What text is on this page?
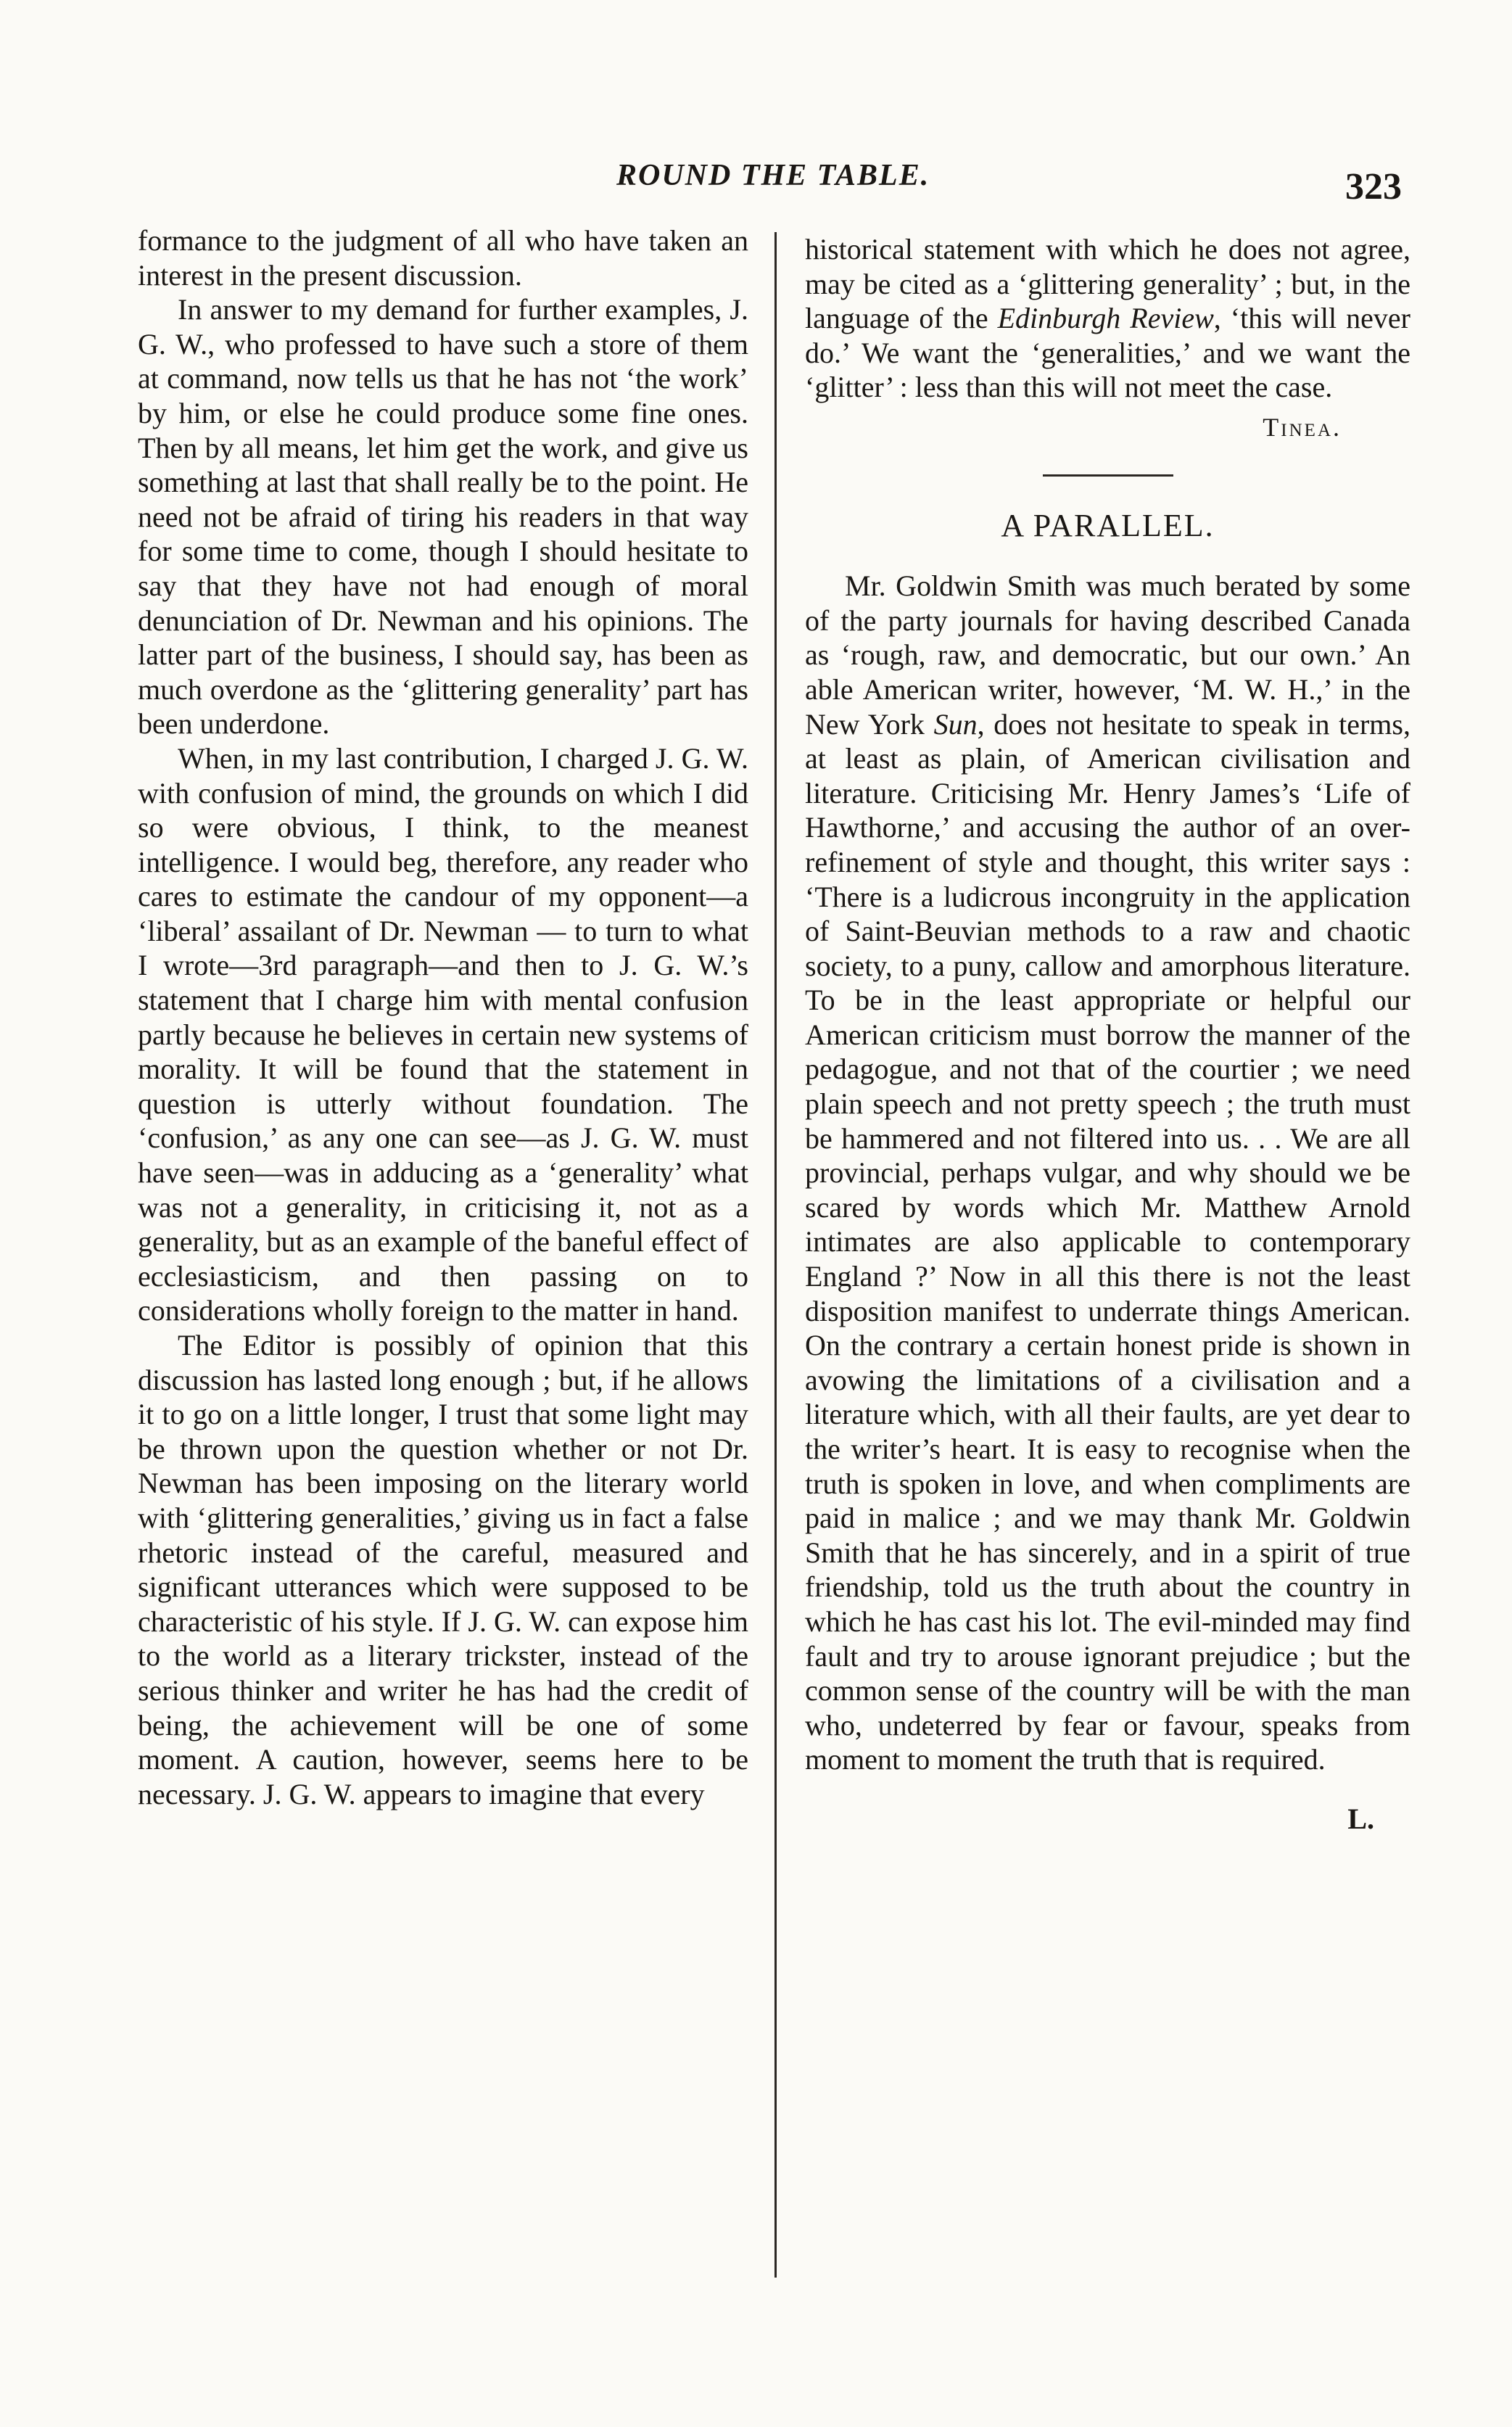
ROUND THE TABLE.	323

formance to the judgment of all who have taken an interest in the present discussion.

In answer to my demand for further examples, J. G. W., who professed to have such a store of them at command, now tells us that he has not ‘the work’ by him, or else he could produce some fine ones. Then by all means, let him get the work, and give us something at last that shall really be to the point. He need not be afraid of tiring his readers in that way for some time to come, though I should hesitate to say that they have not had enough of moral denunciation of Dr. Newman and his opinions. The latter part of the business, I should say, has been as much overdone as the ‘glittering generality’ part has been underdone.

When, in my last contribution, I charged J. G. W. with confusion of mind, the grounds on which I did so were obvious, I think, to the meanest intelligence. I would beg, therefore, any reader who cares to estimate the candour of my opponent—a ‘liberal’ assailant of Dr. Newman — to turn to what I wrote—3rd paragraph—and then to J. G. W.’s statement that I charge him with mental confusion partly because he believes in certain new systems of morality. It will be found that the statement in question is utterly without foundation. The ‘confusion,’ as any one can see—as J. G. W. must have seen—was in adducing as a ‘generality’ what was not a generality, in criticising it, not as a generality, but as an example of the baneful effect of ecclesiasticism, and then passing on to considerations wholly foreign to the matter in hand.

The Editor is possibly of opinion that this discussion has lasted long enough ; but, if he allows it to go on a little longer, I trust that some light may be thrown upon the question whether or not Dr. Newman has been imposing on the literary world with ‘glittering generalities,’ giving us in fact a false rhetoric instead of the careful, measured and significant utterances which were supposed to be characteristic of his style. If J. G. W. can expose him to the world as a literary trickster, instead of the serious thinker and writer he has had the credit of being, the achievement will be one of some moment. A caution, however, seems here to be necessary. J. G. W. appears to imagine that every

historical statement with which he does not agree, may be cited as a ‘glittering generality’ ; but, in the language of the Edinburgh Review, ‘this will never do.’ We want the ‘generalities,’ and we want the ‘glitter’ : less than this will not meet the case.

Tinea.

A PARALLEL.

Mr. Goldwin Smith was much berated by some of the party journals for having described Canada as ‘rough, raw, and democratic, but our own.’ An able American writer, however, ‘M. W. H.,’ in the New York Sun, does not hesitate to speak in terms, at least as plain, of American civilisation and literature. Criticising Mr. Henry James’s ‘Life of Hawthorne,’ and accusing the author of an over-refinement of style and thought, this writer says : ‘There is a ludicrous incongruity in the application of Saint-Beuvian methods to a raw and chaotic society, to a puny, callow and amorphous literature. To be in the least appropriate or helpful our American criticism must borrow the manner of the pedagogue, and not that of the courtier ; we need plain speech and not pretty speech ; the truth must be hammered and not filtered into us. . . We are all provincial, perhaps vulgar, and why should we be scared by words which Mr. Matthew Arnold intimates are also applicable to contemporary England ?’ Now in all this there is not the least disposition manifest to underrate things American. On the contrary a certain honest pride is shown in avowing the limitations of a civilisation and a literature which, with all their faults, are yet dear to the writer’s heart. It is easy to recognise when the truth is spoken in love, and when compliments are paid in malice ; and we may thank Mr. Goldwin Smith that he has sincerely, and in a spirit of true friendship, told us the truth about the country in which he has cast his lot. The evil-minded may find fault and try to arouse ignorant prejudice ; but the common sense of the country will be with the man who, undeterred by fear or favour, speaks from moment to moment the truth that is required.

L.
